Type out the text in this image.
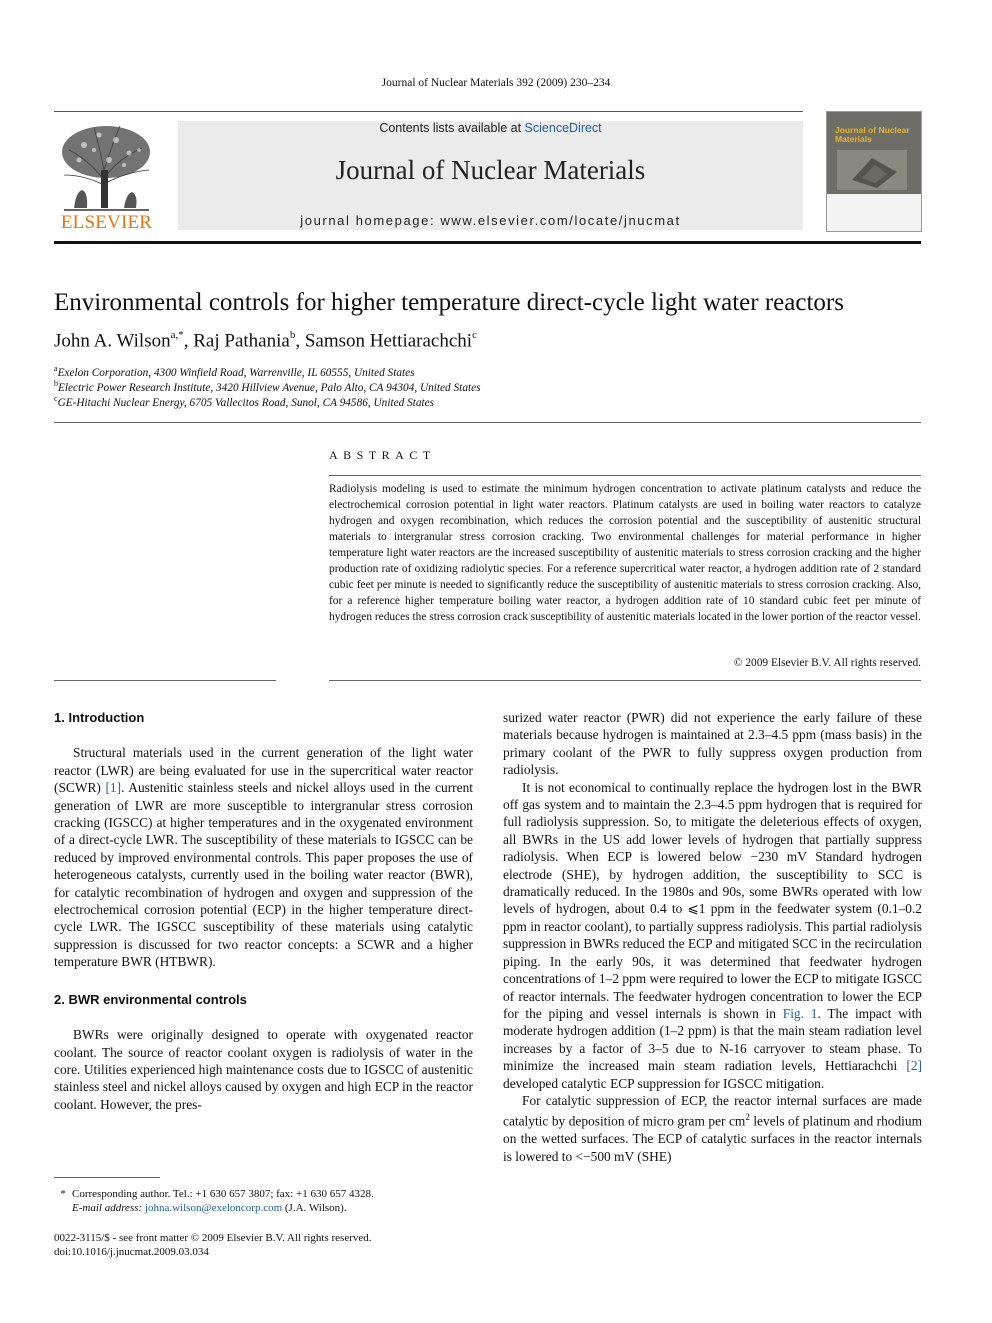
Journal of Nuclear Materials 392 (2009) 230–234
ELSEVIER
Contents lists available at ScienceDirect
Journal of Nuclear Materials
journal homepage: www.elsevier.com/locate/jnucmat
Journal of Nuclear Materials
Environmental controls for higher temperature direct-cycle light water reactors
John A. Wilson$^{a,*}$, Raj Pathania$^b$, Samson Hettiarachchi$^c$
$^a$Exelon Corporation, 4300 Winfield Road, Warrenville, IL 60555, United States
$^b$Electric Power Research Institute, 3420 Hillview Avenue, Palo Alto, CA 94304, United States
$^c$GE-Hitachi Nuclear Energy, 6705 Vallecitos Road, Sunol, CA 94586, United States
ABSTRACT
Radiolysis modeling is used to estimate the minimum hydrogen concentration to activate platinum catalysts and reduce the electrochemical corrosion potential in light water reactors. Platinum catalysts are used in boiling water reactors to catalyze hydrogen and oxygen recombination, which reduces the corrosion potential and the susceptibility of austenitic structural materials to intergranular stress corrosion cracking. Two environmental challenges for material performance in higher temperature light water reactors are the increased susceptibility of austenitic materials to stress corrosion cracking and the higher production rate of oxidizing radiolytic species. For a reference supercritical water reactor, a hydrogen addition rate of 2 standard cubic feet per minute is needed to significantly reduce the susceptibility of austenitic materials to stress corrosion cracking. Also, for a reference higher temperature boiling water reactor, a hydrogen addition rate of 10 standard cubic feet per minute of hydrogen reduces the stress corrosion crack susceptibility of austenitic materials located in the lower portion of the reactor vessel.
© 2009 Elsevier B.V. All rights reserved.

1. Introduction

Structural materials used in the current generation of the light water reactor (LWR) are being evaluated for use in the supercritical water reactor (SCWR) [1]. Austenitic stainless steels and nickel alloys used in the current generation of LWR are more susceptible to intergranular stress corrosion cracking (IGSCC) at higher temperatures and in the oxygenated environment of a direct-cycle LWR. The susceptibility of these materials to IGSCC can be reduced by improved environmental controls. This paper proposes the use of heterogeneous catalysts, currently used in the boiling water reactor (BWR), for catalytic recombination of hydrogen and oxygen and suppression of the electrochemical corrosion potential (ECP) in the higher temperature direct-cycle LWR. The IGSCC susceptibility of these materials using catalytic suppression is discussed for two reactor concepts: a SCWR and a higher temperature BWR (HTBWR).

2. BWR environmental controls

BWRs were originally designed to operate with oxygenated reactor coolant. The source of reactor coolant oxygen is radiolysis of water in the core. Utilities experienced high maintenance costs due to IGSCC of austenitic stainless steel and nickel alloys caused by oxygen and high ECP in the reactor coolant. However, the pres-

surized water reactor (PWR) did not experience the early failure of these materials because hydrogen is maintained at 2.3–4.5 ppm (mass basis) in the primary coolant of the PWR to fully suppress oxygen production from radiolysis.

It is not economical to continually replace the hydrogen lost in the BWR off gas system and to maintain the 2.3–4.5 ppm hydrogen that is required for full radiolysis suppression. So, to mitigate the deleterious effects of oxygen, all BWRs in the US add lower levels of hydrogen that partially suppress radiolysis. When ECP is lowered below −230 mV Standard hydrogen electrode (SHE), by hydrogen addition, the susceptibility to SCC is dramatically reduced. In the 1980s and 90s, some BWRs operated with low levels of hydrogen, about 0.4 to ⩽1 ppm in the feedwater system (0.1–0.2 ppm in reactor coolant), to partially suppress radiolysis. This partial radiolysis suppression in BWRs reduced the ECP and mitigated SCC in the recirculation piping. In the early 90s, it was determined that feedwater hydrogen concentrations of 1–2 ppm were required to lower the ECP to mitigate IGSCC of reactor internals. The feedwater hydrogen concentration to lower the ECP for the piping and vessel internals is shown in Fig. 1. The impact with moderate hydrogen addition (1–2 ppm) is that the main steam radiation level increases by a factor of 3–5 due to N-16 carryover to steam phase. To minimize the increased main steam radiation levels, Hettiarachchi [2] developed catalytic ECP suppression for IGSCC mitigation.

For catalytic suppression of ECP, the reactor internal surfaces are made catalytic by deposition of micro gram per $cm^2$ levels of platinum and rhodium on the wetted surfaces. The ECP of catalytic surfaces in the reactor internals is lowered to <−500 mV (SHE)

* Corresponding author. Tel.: +1 630 657 3807; fax: +1 630 657 4328.
E-mail address: johna.wilson@exeloncorp.com (J.A. Wilson).
0022-3115/$ - see front matter © 2009 Elsevier B.V. All rights reserved.
doi:10.1016/j.jnucmat.2009.03.034
